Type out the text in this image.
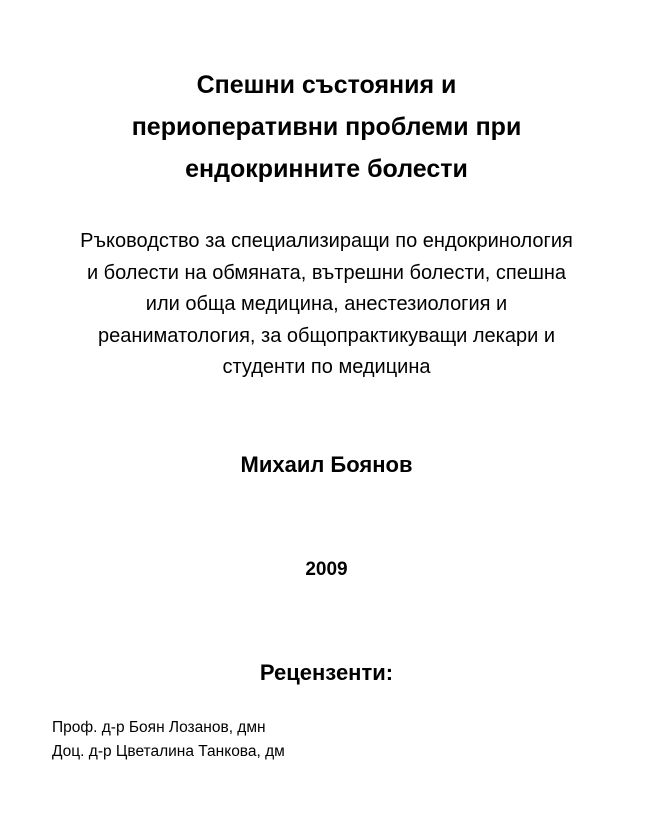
Спешни състояния и
периоперативни проблеми при
ендокринните болести
Ръководство за специализиращи по ендокринология
и болести на обмяната, вътрешни болести, спешна
или обща медицина, анестезиология и
реаниматология, за общопрактикуващи лекари и
студенти по медицина
Михаил Боянов
2009
Рецензенти:
Проф. д-р Боян Лозанов, дмн
Доц. д-р Цветалина Танкова, дм
